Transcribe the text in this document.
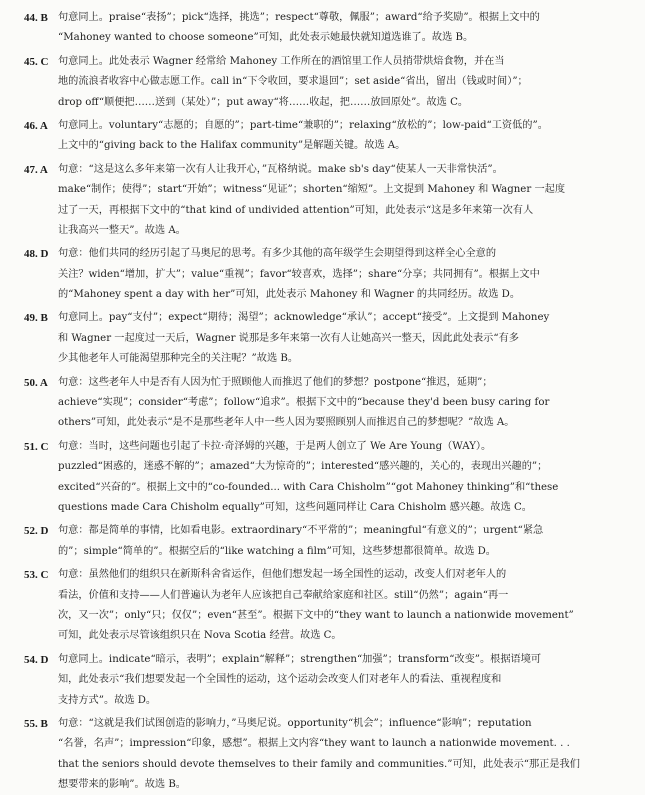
44. B 句意同上。praise“表扬”；pick“选择，挑选”；respect“尊敬，佩服”；award“给予奖励”。根据上文中的
“Mahoney wanted to choose someone”可知，此处表示她最快就知道选谁了。故选 B。
45. C 句意同上。此处表示 Wagner 经常给 Mahoney 工作所在的酒馆里工作人员捎带烘焙食物，并在当
地的流浪者收容中心做志愿工作。call in“下令收回，要求退回”；set aside“省出，留出（钱或时间）”；
drop off“顺便把……送到（某处）”；put away“将……收起，把……放回原处”。故选 C。
46. A 句意同上。voluntary“志愿的；自愿的”；part-time“兼职的”；relaxing“放松的”；low-paid“工资低的”。
上文中的“giving back to the Halifax community”是解题关键。故选 A。
47. A 句意：“这是这么多年来第一次有人让我开心，”瓦格纳说。make sb's day“使某人一天非常快活”。
make“制作；使得”；start“开始”；witness“见证”；shorten“缩短”。上文提到 Mahoney 和 Wagner 一起度
过了一天，再根据下文中的“that kind of undivided attention”可知，此处表示“这是多年来第一次有人
让我高兴一整天”。故选 A。
48. D 句意：他们共同的经历引起了马奥尼的思考。有多少其他的高年级学生会期望得到这样全心全意的
关注？widen“增加，扩大”；value“重视”；favor“较喜欢，选择”；share“分享；共同拥有”。根据上文中
的“Mahoney spent a day with her”可知，此处表示 Mahoney 和 Wagner 的共同经历。故选 D。
49. B 句意同上。pay“支付”；expect“期待；渴望”；acknowledge“承认”；accept“接受”。上文提到 Mahoney
和 Wagner 一起度过一天后，Wagner 说那是多年来第一次有人让她高兴一整天，因此此处表示“有多
少其他老年人可能渴望那种完全的关注呢？”故选 B。
50. A 句意：这些老年人中是否有人因为忙于照顾他人而推迟了他们的梦想？postpone“推迟，延期”；
achieve“实现”；consider“考虑”；follow“追求”。根据下文中的“because they'd been busy caring for
others”可知，此处表示“是不是那些老年人中一些人因为要照顾别人而推迟自己的梦想呢？”故选 A。
51. C 句意：当时，这些问题也引起了卡拉·奇泽姆的兴趣，于是两人创立了 We Are Young（WAY）。
puzzled“困惑的，迷惑不解的”；amazed“大为惊奇的”；interested“感兴趣的，关心的，表现出兴趣的”；
excited“兴奋的”。根据上文中的“co-founded... with Cara Chisholm”“got Mahoney thinking”和“these
questions made Cara Chisholm equally”可知，这些问题同样让 Cara Chisholm 感兴趣。故选 C。
52. D 句意：都是简单的事情，比如看电影。extraordinary“不平常的”；meaningful“有意义的”；urgent“紧急
的”；simple“简单的”。根据空后的“like watching a film”可知，这些梦想都很简单。故选 D。
53. C 句意：虽然他们的组织只在新斯科舍省运作，但他们想发起一场全国性的运动，改变人们对老年人的
看法，价值和支持——人们普遍认为老年人应该把自己奉献给家庭和社区。still“仍然”；again“再一
次，又一次”；only“只；仅仅”；even“甚至”。根据下文中的“they want to launch a nationwide movement”
可知，此处表示尽管该组织只在 Nova Scotia 经营。故选 C。
54. D 句意同上。indicate“暗示，表明”；explain“解释”；strengthen“加强”；transform“改变”。根据语境可
知，此处表示“我们想要发起一个全国性的运动，这个运动会改变人们对老年人的看法、重视程度和
支持方式”。故选 D。
55. B 句意：“这就是我们试图创造的影响力，”马奥尼说。opportunity“机会”；influence“影响”；reputation
“名誉，名声”；impression“印象，感想”。根据上文内容“they want to launch a nationwide movement. . .
that the seniors should devote themselves to their family and communities.”可知，此处表示“那正是我们
想要带来的影响”。故选 B。
